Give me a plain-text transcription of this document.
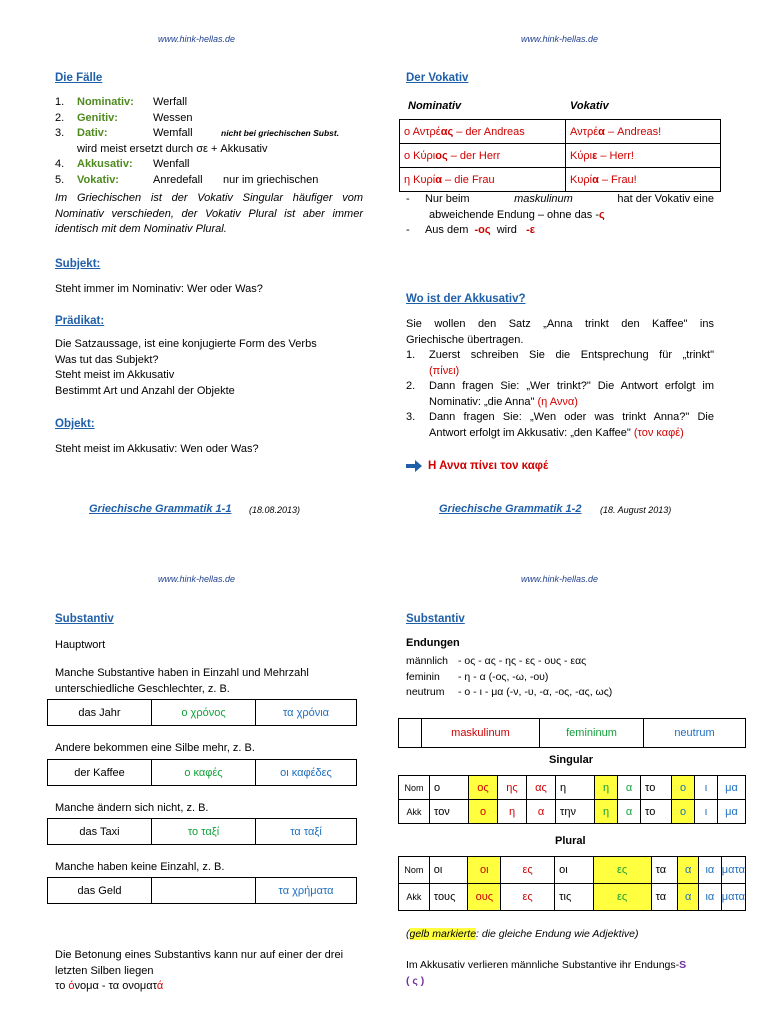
www.hink-hellas.de
Die Fälle
1. Nominativ: Werfall
2. Genitiv:	Wessen
3. Dativ:	Wemfall	nicht bei griechischen Subst.
wird meist ersetzt durch σε + Akkusativ
4. Akkusativ: Wenfall
5. Vokativ:	Anredefall nur im griechischen
Im Griechischen ist der Vokativ Singular häufiger vom
Nominativ verschieden, der Vokativ Plural ist aber immer
identisch mit dem Nominativ Plural.
Subjekt:
Steht immer im Nominativ: Wer oder Was?
Prädikat:
Die Satzaussage, ist eine konjugierte Form des Verbs
Was tut das Subjekt?
Steht meist im Akkusativ
Bestimmt Art und Anzahl der Objekte
Objekt:
Steht meist im Akkusativ: Wen oder Was?
Griechische Grammatik 1-1 (18.08.2013)
www.hink-hellas.de
Der Vokativ
Nominativ	Vokativ
ο Αντρέας – der Andreas	Αντρέα – Andreas!
ο Κύριος – der Herr	Κύριε – Herr!
η Κυρία – die Frau	Κυρία – Frau!
-     Nur beim	maskulinum	hat der Vokativ eine
abweichende Endung – ohne das -ς
-     Aus dem -ος wird -ε
Wo ist der Akkusativ?
Sie wollen den Satz „Anna trinkt den Kaffee" ins
Griechische übertragen.
1.	Zuerst schreiben Sie die Entsprechung für „trinkt"
(πίνει)
2.	Dann fragen Sie: „Wer trinkt?" Die Antwort erfolgt im
Nominativ: „die Anna" (η Αννα)
3.	Dann fragen Sie: „Wen oder was trinkt Anna?" Die
Antwort erfolgt im Akkusativ: „den Kaffee" (τον καφέ)
Η Αννα πίνει τον καφέ
Griechische Grammatik 1-2 (18. August 2013)
www.hink-hellas.de
Substantiv
Hauptwort
Manche Substantive haben in Einzahl und Mehrzahl
unterschiedliche Geschlechter, z. B.
das Jahr	ο χρόνος	τα χρόνια
Andere bekommen eine Silbe mehr, z. B.
der Kaffee	ο καφές	οι καφέδες
Manche ändern sich nicht, z. B.
das Taxi	το ταξί	τα ταξί
Manche haben keine Einzahl, z. B.
das Geld		τα χρήματα
Die Betonung eines Substantivs kann nur auf einer der drei
letzten Silben liegen
το όνομα - τα ονοματά
www.hink-hellas.de
Substantiv
Endungen
männlich - ος - ας - ης - ες - ους - εας
feminin - η - α (-ος, -ω, -ου)
neutrum - ο - ι - μα (-ν, -υ, -α, -ος, -ας, ως)
	maskulinum	femininum	neutrum
Singular
Nom	ο	ος	ης	ας	η	η	α	το	ο	ι	μα
Akk	τον	ο	η	α	την	η	α	το	ο	ι	μα
Plural
Nom	οι	οι	ες	οι	ες	τα	α	ια	ματα
Akk	τους	ους	ες	τις	ες	τα	α	ια	ματα
(gelb markierte: die gleiche Endung wie Adjektive)
Im Akkusativ verlieren männliche Substantive ihr Endungs-S
( ς )
